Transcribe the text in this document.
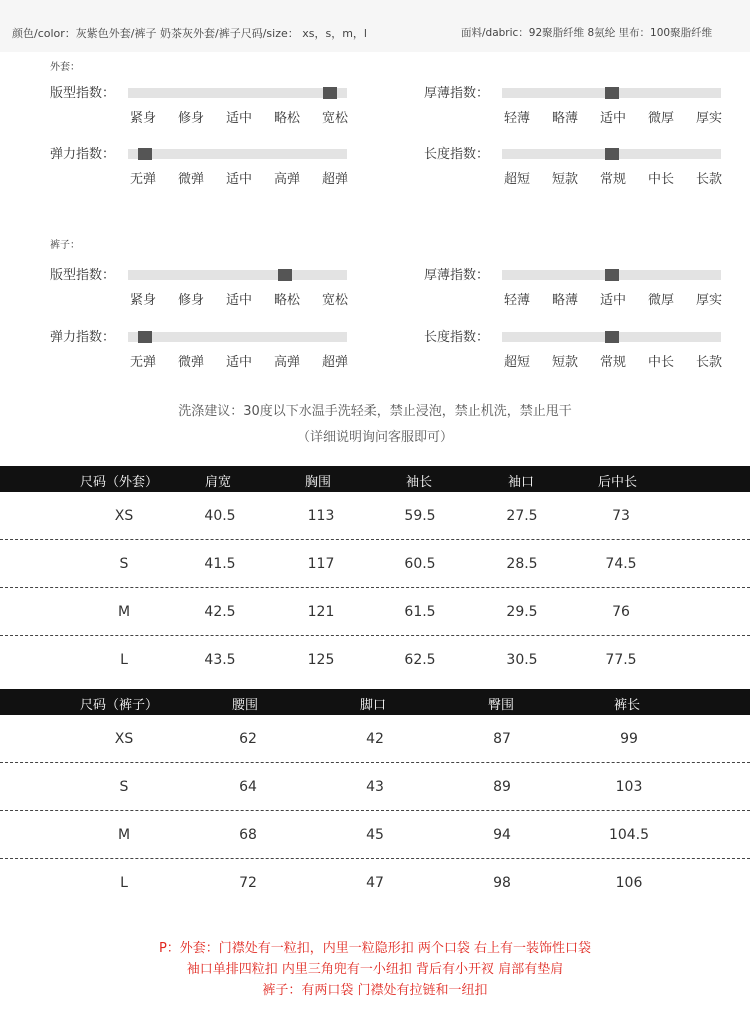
颜色/color：灰紫色外套/裤子 奶茶灰外套/裤子尺码/size： xs，s，m，l	面料/dabric：92聚脂纤维 8氨纶 里布：100聚脂纤维
外套：
版型指数：
紧身 修身 适中 略松 宽松
厚薄指数：
轻薄 略薄 适中 微厚 厚实
弹力指数：
无弹 微弹 适中 高弹 超弹
长度指数：
超短 短款 常规 中长 长款
裤子：
版型指数：
紧身 修身 适中 略松 宽松
厚薄指数：
轻薄 略薄 适中 微厚 厚实
弹力指数：
无弹 微弹 适中 高弹 超弹
长度指数：
超短 短款 常规 中长 长款
洗涤建议：30度以下水温手洗轻柔，禁止浸泡，禁止机洗，禁止甩干
（详细说明询问客服即可）
尺码（外套）	肩宽	胸围	袖长	袖口	后中长
XS	40.5	113	59.5	27.5	73
S	41.5	117	60.5	28.5	74.5
M	42.5	121	61.5	29.5	76
L	43.5	125	62.5	30.5	77.5
尺码（裤子）	腰围	脚口	臀围	裤长
XS	62	42	87	99
S	64	43	89	103
M	68	45	94	104.5
L	72	47	98	106
P：外套：门襟处有一粒扣，内里一粒隐形扣 两个口袋 右上有一装饰性口袋
袖口单排四粒扣 内里三角兜有一小纽扣 背后有小开衩 肩部有垫肩
裤子：有两口袋 门襟处有拉链和一纽扣
